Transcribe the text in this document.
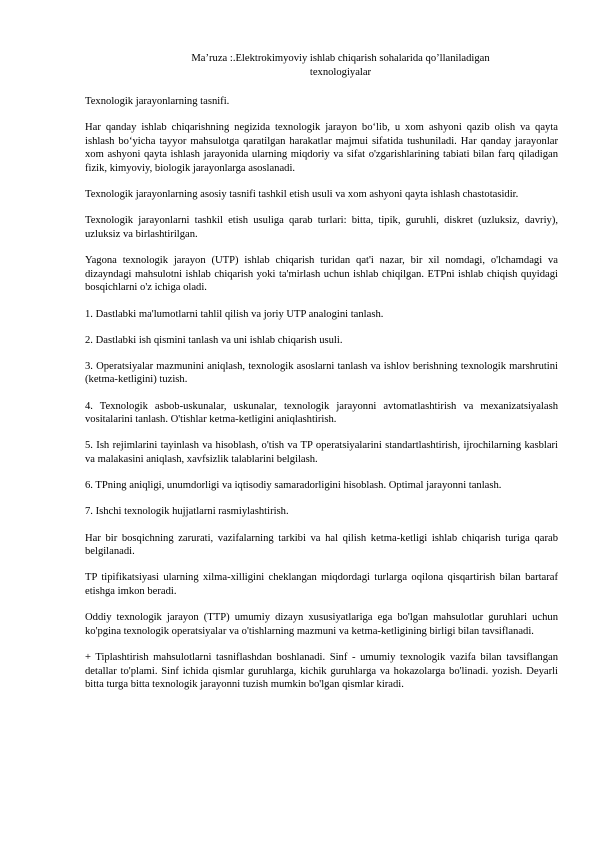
Ma’ruza :.Elektrokimyoviy ishlab chiqarish sohalarida qo’llaniladigan
texnologiyalar

Texnologik jarayonlarning tasnifi.

Har qanday ishlab chiqarishning negizida texnologik jarayon bo‘lib, u xom ashyoni qazib olish va qayta ishlash bo‘yicha tayyor mahsulotga qaratilgan harakatlar majmui sifatida tushuniladi. Har qanday jarayonlar xom ashyoni qayta ishlash jarayonida ularning miqdoriy va sifat o'zgarishlarining tabiati bilan farq qiladigan fizik, kimyoviy, biologik jarayonlarga asoslanadi.

Texnologik jarayonlarning asosiy tasnifi tashkil etish usuli va xom ashyoni qayta ishlash chastotasidir.

Texnologik jarayonlarni tashkil etish usuliga qarab turlari: bitta, tipik, guruhli, diskret (uzluksiz, davriy), uzluksiz va birlashtirilgan.

Yagona texnologik jarayon (UTP) ishlab chiqarish turidan qat'i nazar, bir xil nomdagi, o'lchamdagi va dizayndagi mahsulotni ishlab chiqarish yoki ta'mirlash uchun ishlab chiqilgan. ETPni ishlab chiqish quyidagi bosqichlarni o'z ichiga oladi.

1. Dastlabki ma'lumotlarni tahlil qilish va joriy UTP analogini tanlash.

2. Dastlabki ish qismini tanlash va uni ishlab chiqarish usuli.

3. Operatsiyalar mazmunini aniqlash, texnologik asoslarni tanlash va ishlov berishning texnologik marshrutini (ketma-ketligini) tuzish.

4. Texnologik asbob-uskunalar, uskunalar, texnologik jarayonni avtomatlashtirish va mexanizatsiyalash vositalarini tanlash. O'tishlar ketma-ketligini aniqlashtirish.

5. Ish rejimlarini tayinlash va hisoblash, o'tish va TP operatsiyalarini standartlashtirish, ijrochilarning kasblari va malakasini aniqlash, xavfsizlik talablarini belgilash.

6. TPning aniqligi, unumdorligi va iqtisodiy samaradorligini hisoblash. Optimal jarayonni tanlash.

7. Ishchi texnologik hujjatlarni rasmiylashtirish.

Har bir bosqichning zarurati, vazifalarning tarkibi va hal qilish ketma-ketligi ishlab chiqarish turiga qarab belgilanadi.

TP tipifikatsiyasi ularning xilma-xilligini cheklangan miqdordagi turlarga oqilona qisqartirish bilan bartaraf etishga imkon beradi.

Oddiy texnologik jarayon (TTP) umumiy dizayn xususiyatlariga ega bo'lgan mahsulotlar guruhlari uchun ko'pgina texnologik operatsiyalar va o'tishlarning mazmuni va ketma-ketligining birligi bilan tavsiflanadi.

+ Tiplashtirish mahsulotlarni tasniflashdan boshlanadi. Sinf - umumiy texnologik vazifa bilan tavsiflangan detallar to'plami. Sinf ichida qismlar guruhlarga, kichik guruhlarga va hokazolarga bo'linadi. yozish. Deyarli bitta turga bitta texnologik jarayonni tuzish mumkin bo'lgan qismlar kiradi.
